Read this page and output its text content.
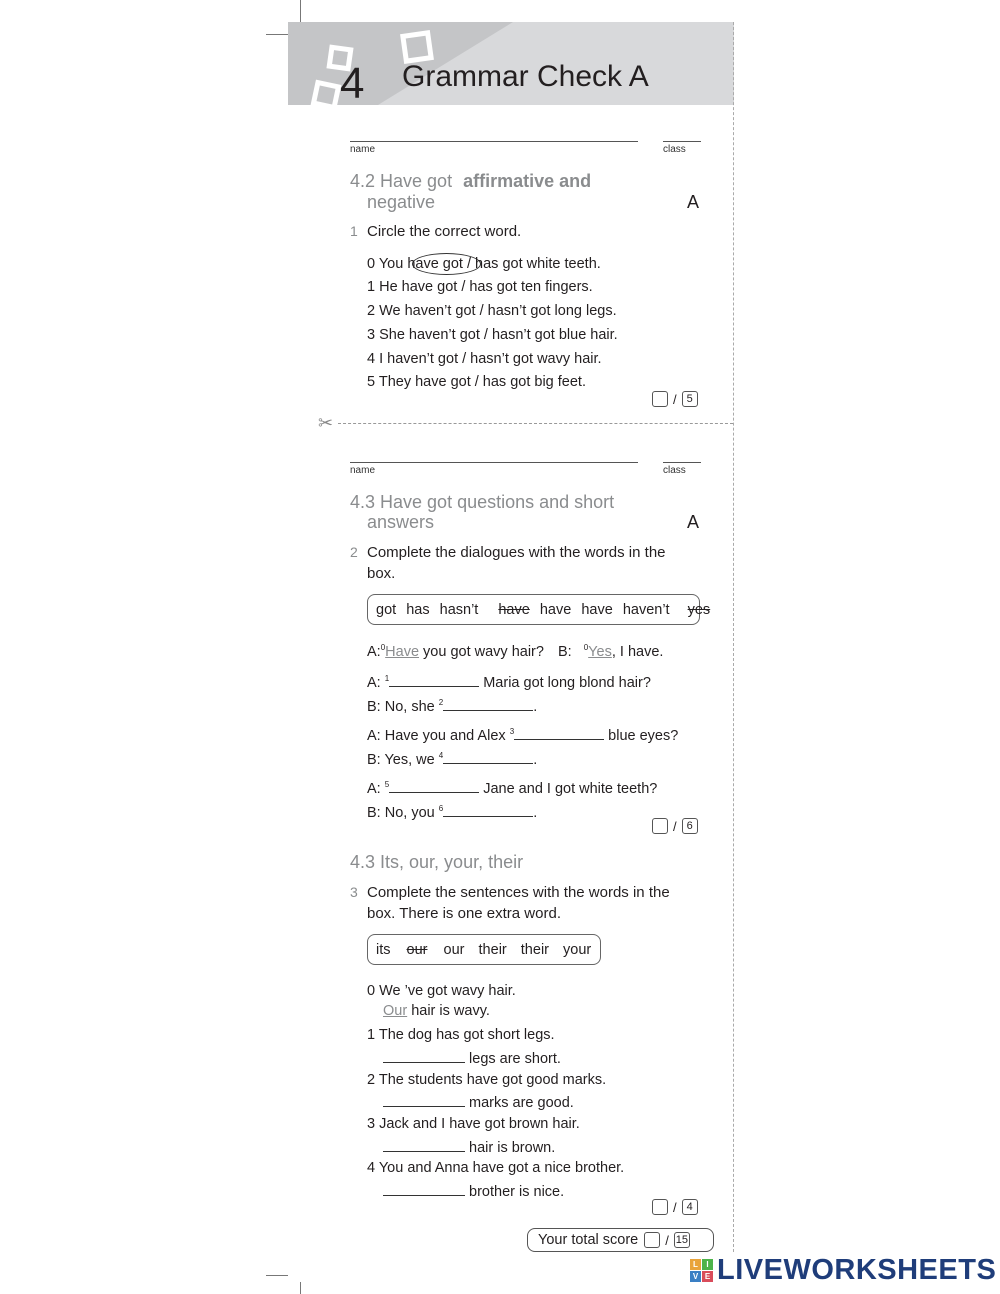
4 Grammar Check A
name	class
4.2 Have got affirmative and
negative	A
1 Circle the correct word.
0 You have got / has got white teeth.
1 He have got / has got ten fingers.
2 We haven’t got / hasn’t got long legs.
3 She haven’t got / hasn’t got blue hair.
4 I haven’t got / hasn’t got wavy hair.
5 They have got / has got big feet.
/ 5
✂
name	class
4.3 Have got questions and short
answers	A
2 Complete the dialogues with the words in the
box.
got has hasn’t have have have haven’t yes
A:$^0$Have you got wavy hair? B: $^0$Yes, I have.
A: $^1$	Maria got long blond hair?
B: No, she $^2$	.
A: Have you and Alex $^3$	blue eyes?
B: Yes, we $^4$	.
A: $^5$	Jane and I got white teeth?
B: No, you $^6$	.
/ 6
4.3 Its, our, your, their
3 Complete the sentences with the words in the
box. There is one extra word.
its our our their their your
0 We ’ve got wavy hair.
Our hair is wavy.
1 The dog has got short legs.
legs are short.
2 The students have got good marks.
marks are good.
3 Jack and I have got brown hair.
hair is brown.
4 You and Anna have got a nice brother.
brother is nice.
/ 4
Your total score / 15
L	I
V E LIVEWORKSHEETS
